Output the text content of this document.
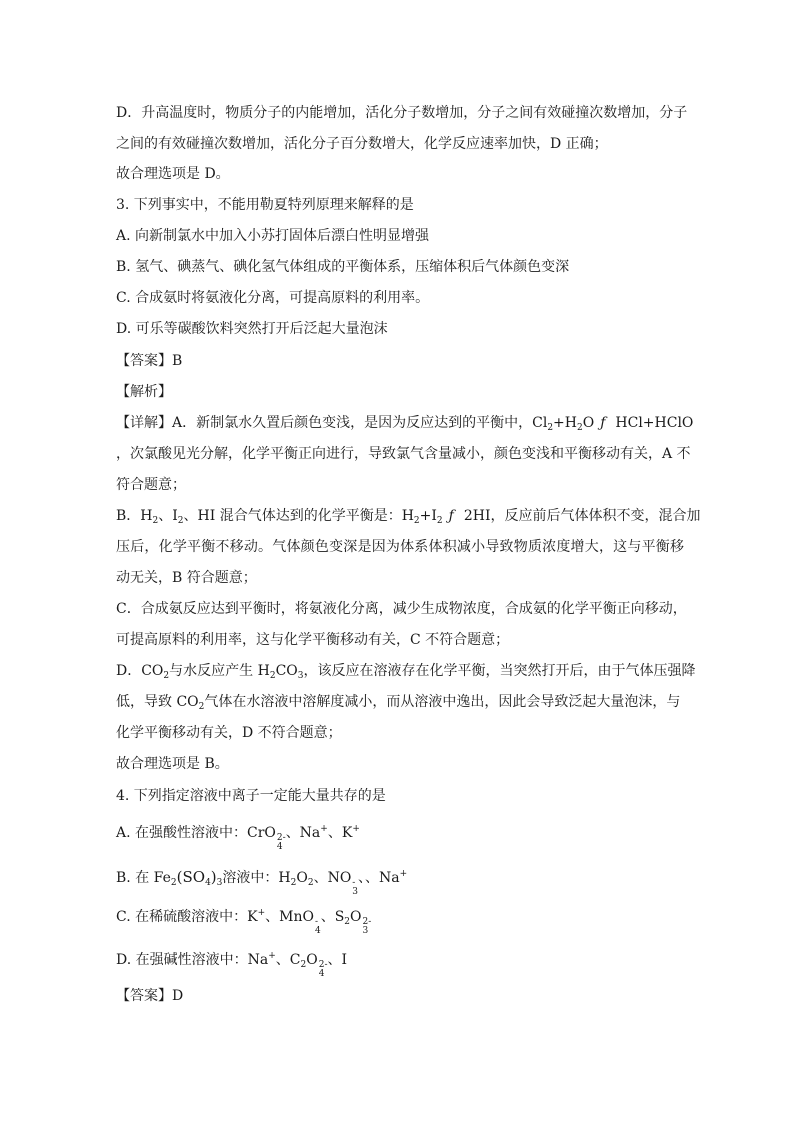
D．升高温度时，物质分子的内能增加，活化分子数增加，分子之间有效碰撞次数增加，分子
之间的有效碰撞次数增加，活化分子百分数增大，化学反应速率加快，D 正确；
故合理选项是 D。
3. 下列事实中，不能用勒夏特列原理来解释的是
A. 向新制氯水中加入小苏打固体后漂白性明显增强
B. 氢气、碘蒸气、碘化氢气体组成的平衡体系，压缩体积后气体颜色变深
C. 合成氨时将氨液化分离，可提高原料的利用率。
D. 可乐等碳酸饮料突然打开后泛起大量泡沫
【答案】B
【解析】
【详解】A．新制氯水久置后颜色变浅，是因为反应达到的平衡中，$Cl_2+H_2O$ ƒ HCl+HClO
，次氯酸见光分解，化学平衡正向进行，导致氯气含量减小，颜色变浅和平衡移动有关，A 不
符合题意；
B．$H_2$、$I_2$、HI 混合气体达到的化学平衡是：$H_2+I_2$ ƒ 2HI，反应前后气体体积不变，混合加
压后，化学平衡不移动。气体颜色变深是因为体系体积减小导致物质浓度增大，这与平衡移
动无关，B 符合题意；
C．合成氨反应达到平衡时，将氨液化分离，减少生成物浓度，合成氨的化学平衡正向移动，
可提高原料的利用率，这与化学平衡移动有关，C 不符合题意；
D．$CO_2$与水反应产生 $H_2CO_3$，该反应在溶液存在化学平衡，当突然打开后，由于气体压强降
低，导致 $CO_2$气体在水溶液中溶解度减小，而从溶液中逸出，因此会导致泛起大量泡沫，与
化学平衡移动有关，D 不符合题意；
故合理选项是 B。
4. 下列指定溶液中离子一定能大量共存的是
A. 在强酸性溶液中：CrO 2-
4
、Na+、K+
B. 在 $Fe_2(SO_4)_3$溶液中：$H_2O_2$、NO -
3
、、Na+
C. 在稀硫酸溶液中：K+、MnO -
4
、$S_2O$ 2-
3
D. 在强碱性溶液中：Na+、$C_2O$ 2-
4
、I
【答案】D
